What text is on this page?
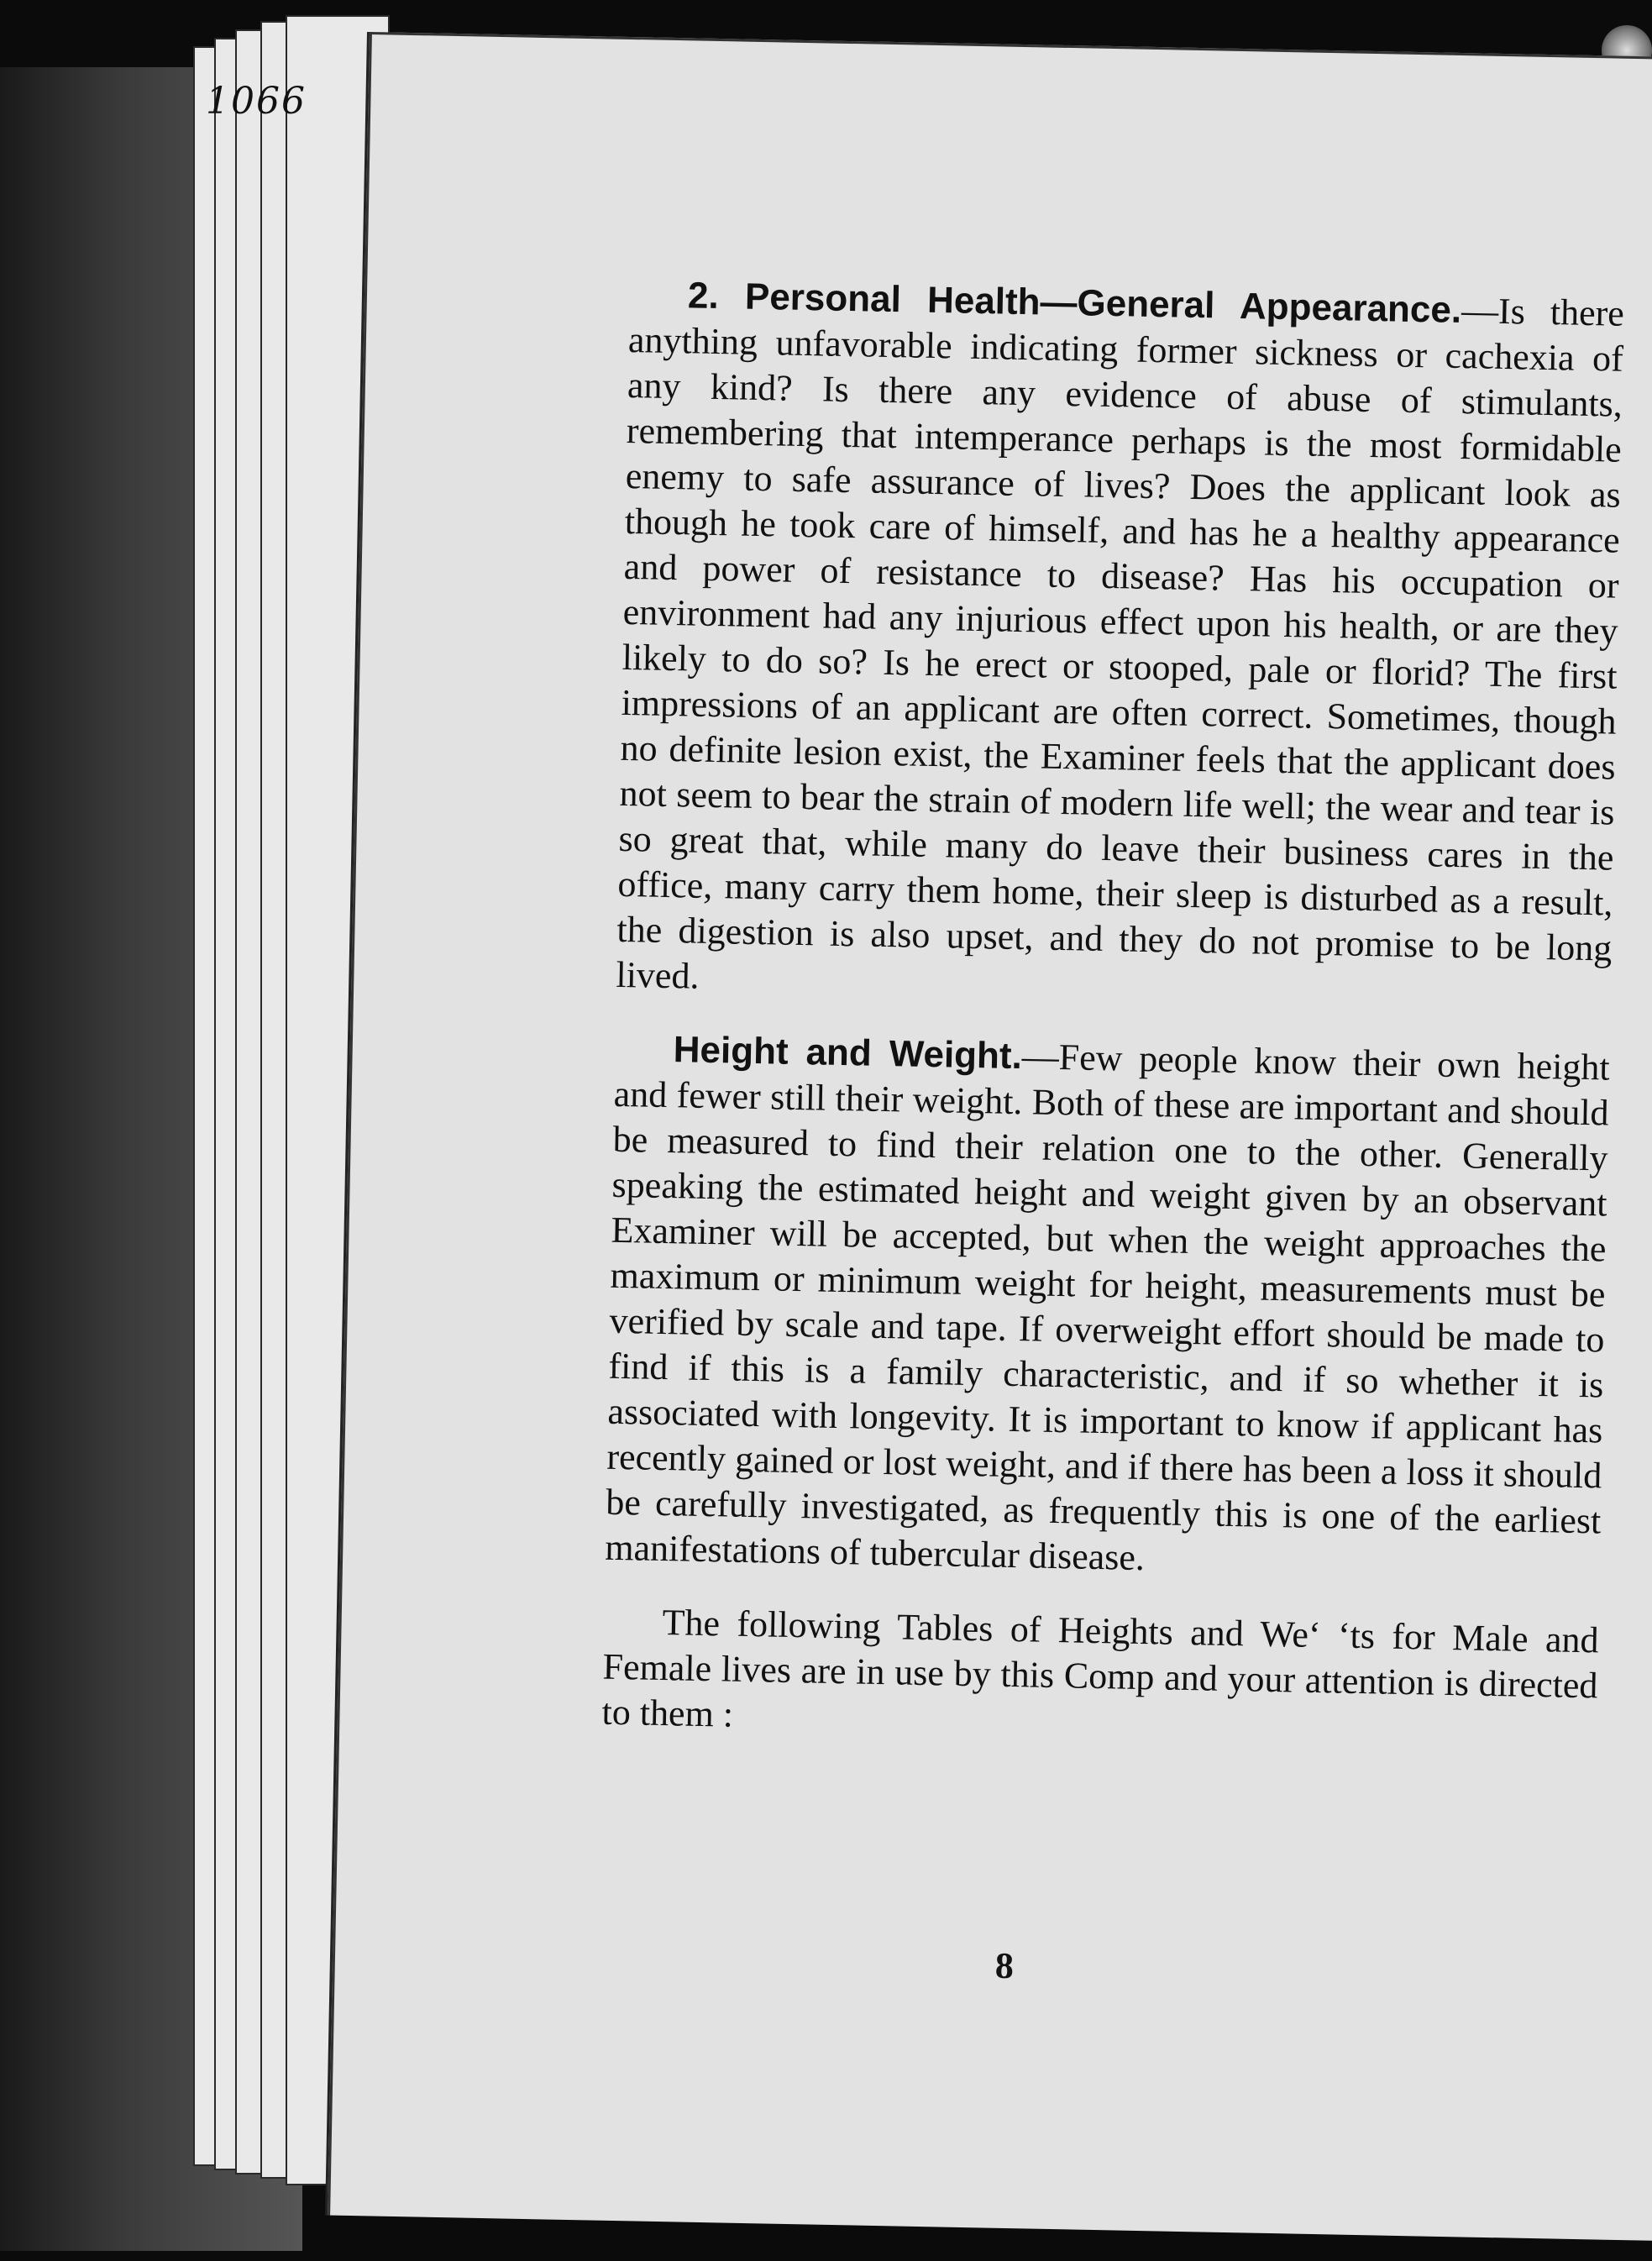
1066

2. Personal Health—General Appearance.—Is there anything unfavorable indicating former sickness or cachexia of any kind? Is there any evidence of abuse of stimulants, remembering that intemperance perhaps is the most formidable enemy to safe assurance of lives? Does the applicant look as though he took care of himself, and has he a healthy appearance and power of resistance to disease? Has his occupation or environment had any injurious effect upon his health, or are they likely to do so? Is he erect or stooped, pale or florid? The first impressions of an applicant are often correct. Sometimes, though no definite lesion exist, the Examiner feels that the applicant does not seem to bear the strain of modern life well; the wear and tear is so great that, while many do leave their business cares in the office, many carry them home, their sleep is disturbed as a result, the digestion is also upset, and they do not promise to be long lived.

Height and Weight.—Few people know their own height and fewer still their weight. Both of these are important and should be measured to find their relation one to the other. Generally speaking the estimated height and weight given by an observant Examiner will be accepted, but when the weight approaches the maximum or minimum weight for height, measurements must be verified by scale and tape. If overweight effort should be made to find if this is a family characteristic, and if so whether it is associated with longevity. It is important to know if applicant has recently gained or lost weight, and if there has been a loss it should be carefully investigated, as frequently this is one of the earliest manifestations of tubercular disease.

The following Tables of Heights and We‘ ‘ts for Male and Female lives are in use by this Comp and your attention is directed to them :

8
